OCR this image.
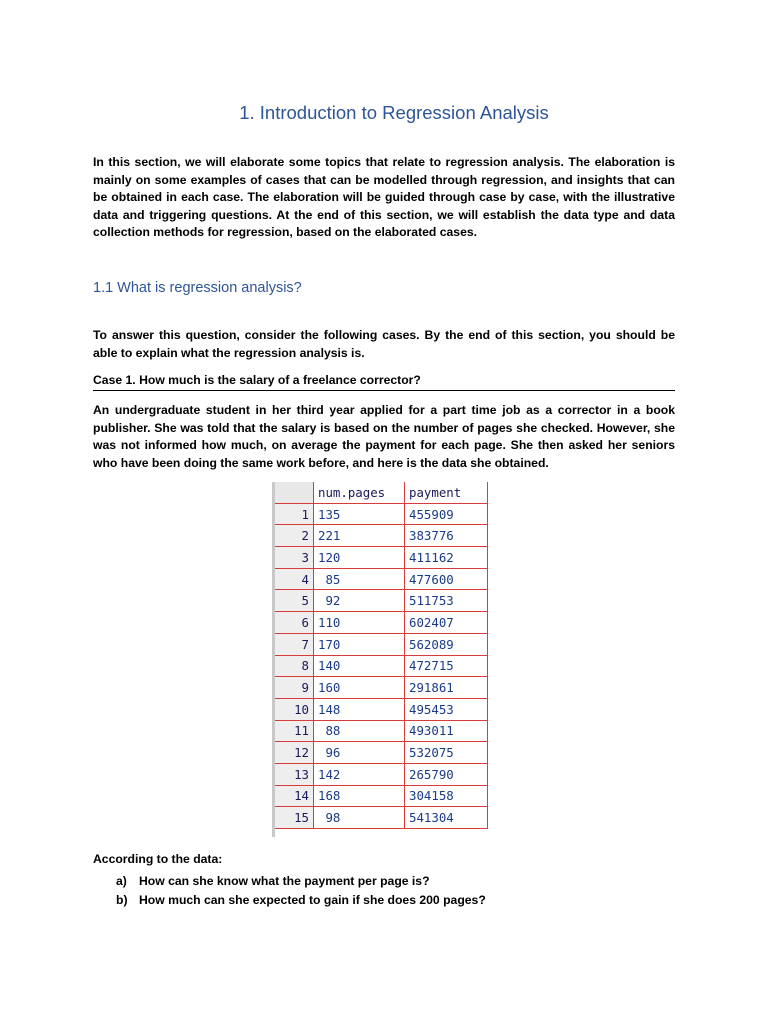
1. Introduction to Regression Analysis

In this section, we will elaborate some topics that relate to regression analysis. The elaboration is mainly on some examples of cases that can be modelled through regression, and insights that can be obtained in each case. The elaboration will be guided through case by case, with the illustrative data and triggering questions. At the end of this section, we will establish the data type and data collection methods for regression, based on the elaborated cases.

1.1 What is regression analysis?

To answer this question, consider the following cases. By the end of this section, you should be able to explain what the regression analysis is.

Case 1. How much is the salary of a freelance corrector?

An undergraduate student in her third year applied for a part time job as a corrector in a book publisher. She was told that the salary is based on the number of pages she checked. However, she was not informed how much, on average the payment for each page. She then asked her seniors who have been doing the same work before, and here is the data she obtained.

	num.pages	payment
1	135	455909
2	221	383776
3	120	411162
4	85	477600
5	92	511753
6	110	602407
7	170	562089
8	140	472715
9	160	291861
10	148	495453
11	88	493011
12	96	532075
13	142	265790
14	168	304158
15	98	541304

According to the data:

a) How can she know what the payment per page is?
b) How much can she expected to gain if she does 200 pages?
